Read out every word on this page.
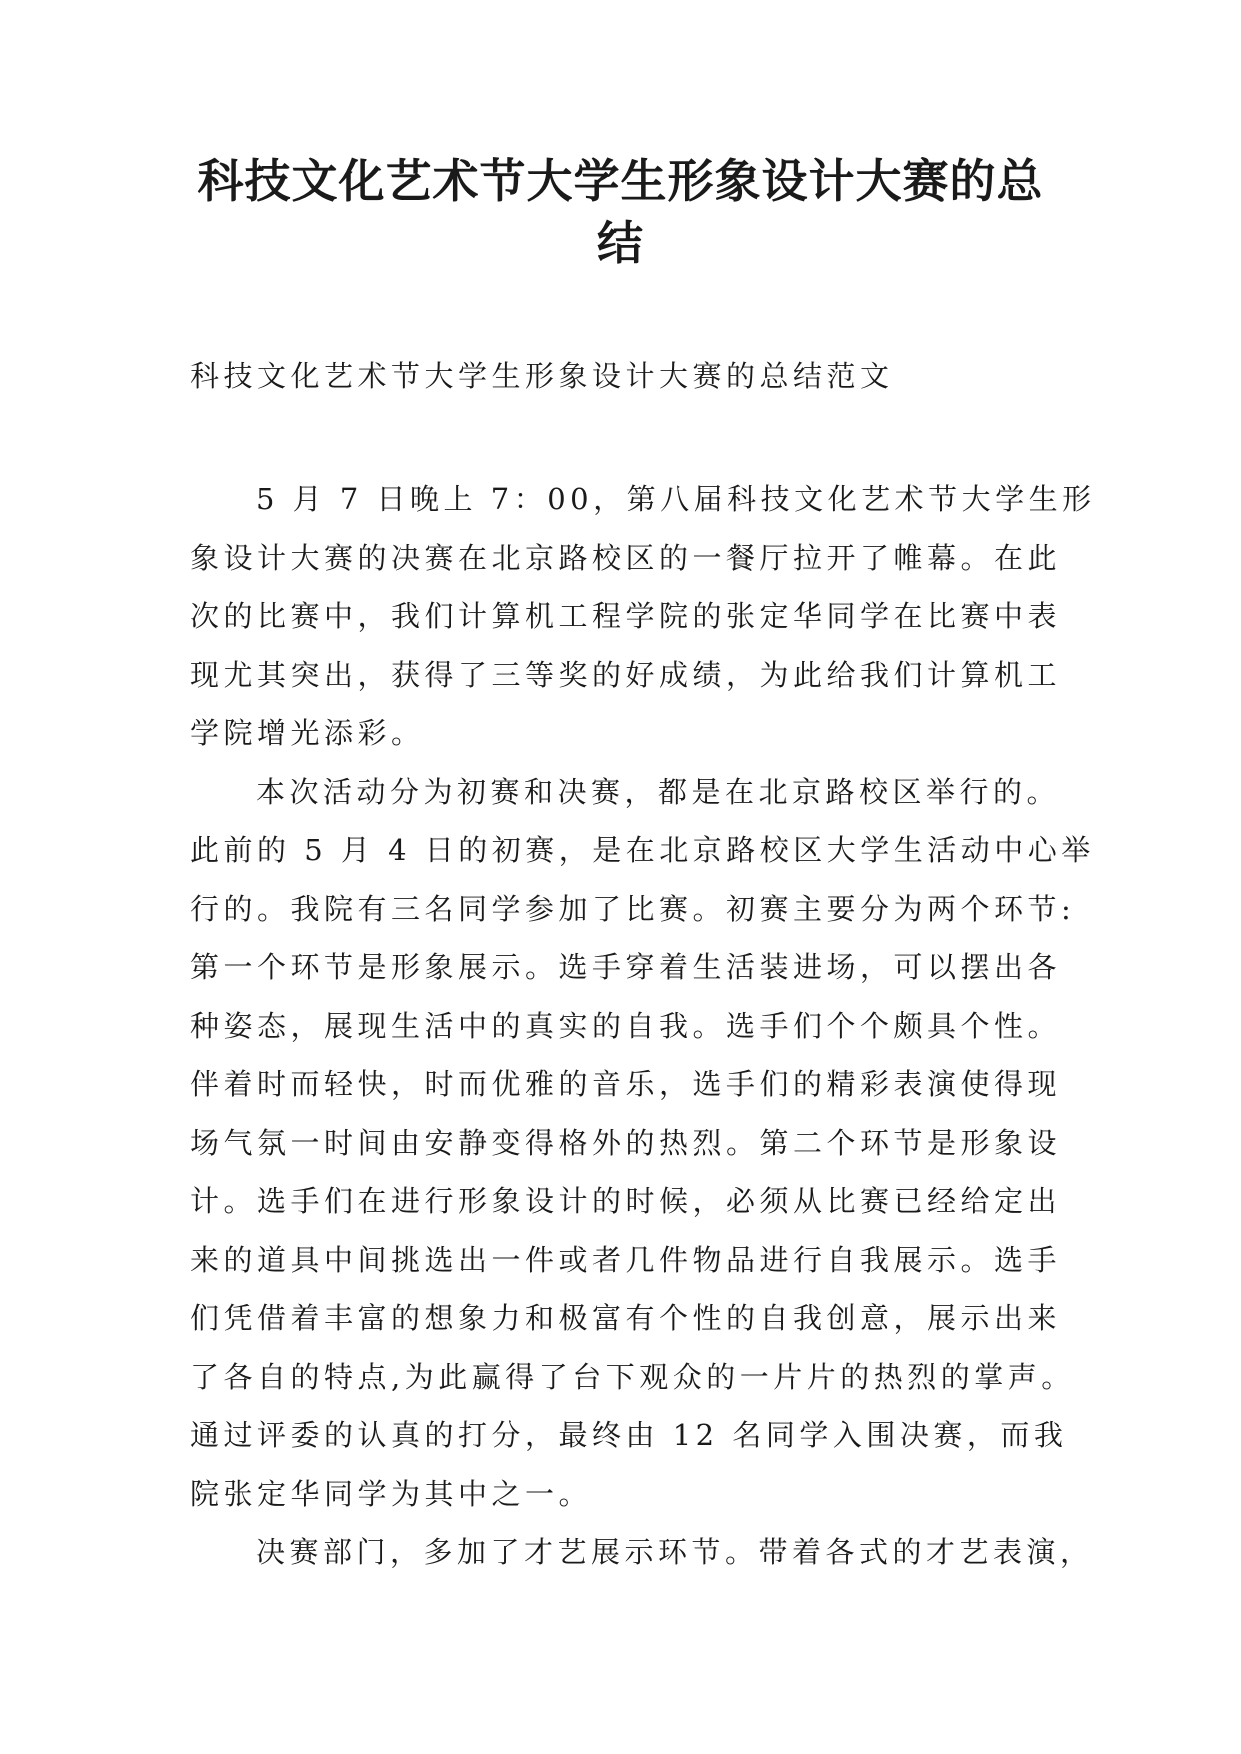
科技文化艺术节大学生形象设计大赛的总
结

科技文化艺术节大学生形象设计大赛的总结范文

5 月 7 日晚上 7：00，第八届科技文化艺术节大学生形
象设计大赛的决赛在北京路校区的一餐厅拉开了帷幕。在此
次的比赛中，我们计算机工程学院的张定华同学在比赛中表
现尤其突出，获得了三等奖的好成绩，为此给我们计算机工
学院增光添彩。

本次活动分为初赛和决赛，都是在北京路校区举行的。
此前的 5 月 4 日的初赛，是在北京路校区大学生活动中心举
行的。我院有三名同学参加了比赛。初赛主要分为两个环节:
第一个环节是形象展示。选手穿着生活装进场，可以摆出各
种姿态，展现生活中的真实的自我。选手们个个颇具个性。
伴着时而轻快，时而优雅的音乐，选手们的精彩表演使得现
场气氛一时间由安静变得格外的热烈。第二个环节是形象设
计。选手们在进行形象设计的时候，必须从比赛已经给定出
来的道具中间挑选出一件或者几件物品进行自我展示。选手
们凭借着丰富的想象力和极富有个性的自我创意，展示出来
了各自的特点,为此赢得了台下观众的一片片的热烈的掌声。
通过评委的认真的打分，最终由 12 名同学入围决赛，而我
院张定华同学为其中之一。

决赛部门，多加了才艺展示环节。带着各式的才艺表演，
